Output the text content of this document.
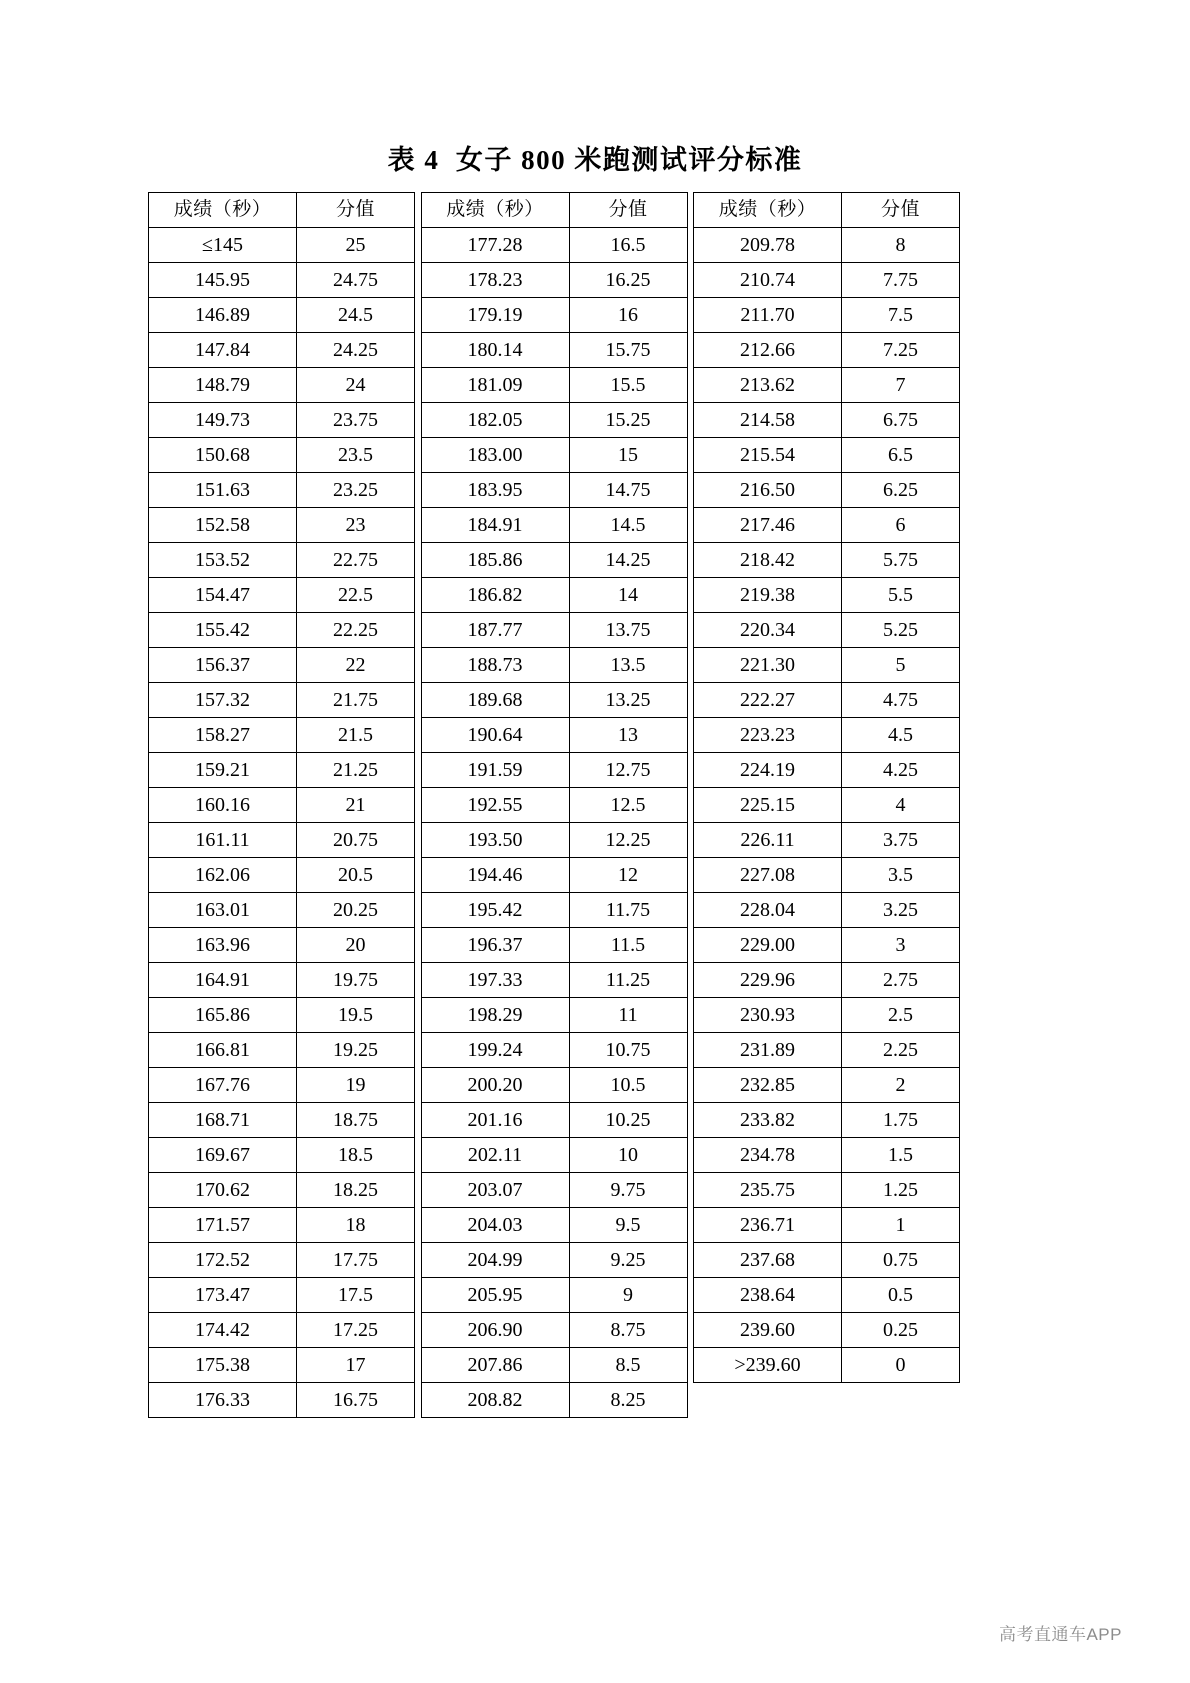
表 4  女子 800 米跑测试评分标准
成绩（秒）	分值
≤145	25
145.95	24.75
146.89	24.5
147.84	24.25
148.79	24
149.73	23.75
150.68	23.5
151.63	23.25
152.58	23
153.52	22.75
154.47	22.5
155.42	22.25
156.37	22
157.32	21.75
158.27	21.5
159.21	21.25
160.16	21
161.11	20.75
162.06	20.5
163.01	20.25
163.96	20
164.91	19.75
165.86	19.5
166.81	19.25
167.76	19
168.71	18.75
169.67	18.5
170.62	18.25
171.57	18
172.52	17.75
173.47	17.5
174.42	17.25
175.38	17
176.33	16.75
成绩（秒）	分值
177.28	16.5
178.23	16.25
179.19	16
180.14	15.75
181.09	15.5
182.05	15.25
183.00	15
183.95	14.75
184.91	14.5
185.86	14.25
186.82	14
187.77	13.75
188.73	13.5
189.68	13.25
190.64	13
191.59	12.75
192.55	12.5
193.50	12.25
194.46	12
195.42	11.75
196.37	11.5
197.33	11.25
198.29	11
199.24	10.75
200.20	10.5
201.16	10.25
202.11	10
203.07	9.75
204.03	9.5
204.99	9.25
205.95	9
206.90	8.75
207.86	8.5
208.82	8.25
成绩（秒）	分值
209.78	8
210.74	7.75
211.70	7.5
212.66	7.25
213.62	7
214.58	6.75
215.54	6.5
216.50	6.25
217.46	6
218.42	5.75
219.38	5.5
220.34	5.25
221.30	5
222.27	4.75
223.23	4.5
224.19	4.25
225.15	4
226.11	3.75
227.08	3.5
228.04	3.25
229.00	3
229.96	2.75
230.93	2.5
231.89	2.25
232.85	2
233.82	1.75
234.78	1.5
235.75	1.25
236.71	1
237.68	0.75
238.64	0.5
239.60	0.25
>239.60	0
高考直通车APP
